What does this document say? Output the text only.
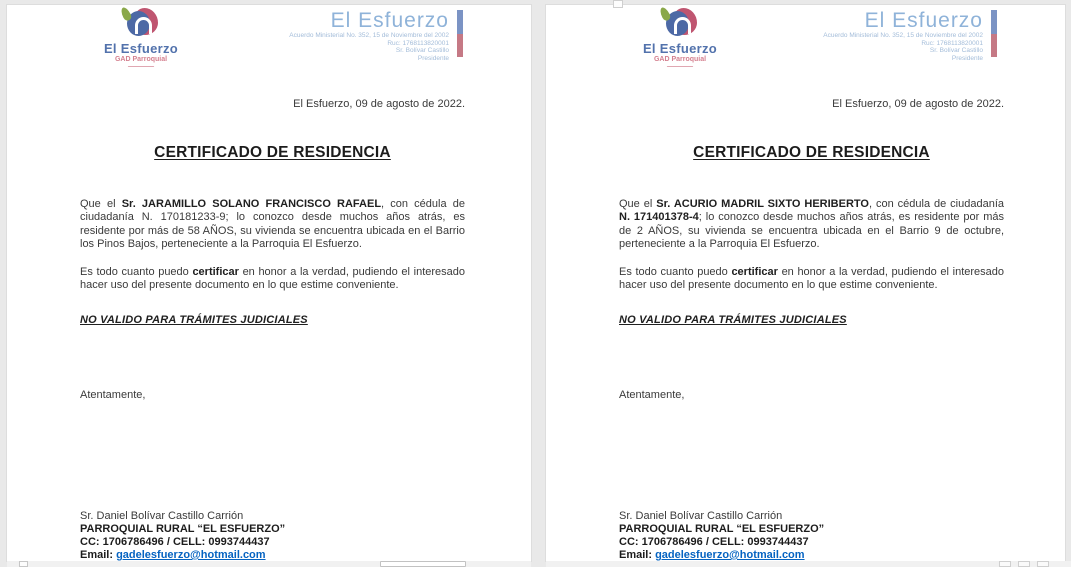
El Esfuerzo
GAD Parroquial
El Esfuerzo
Acuerdo Ministerial No. 352, 15 de Noviembre del 2002
Ruc: 1768113820001
Sr. Bolívar Castillo
Presidente
El Esfuerzo, 09 de agosto de 2022.
CERTIFICADO DE RESIDENCIA

Que el Sr. JARAMILLO SOLANO FRANCISCO RAFAEL, con cédula de ciudadanía N. 170181233-9; lo conozco desde muchos años atrás, es residente por más de 58 AÑOS, su vivienda se encuentra ubicada en el Barrio los Pinos Bajos, perteneciente a la Parroquia El Esfuerzo.

Es todo cuanto puedo certificar en honor a la verdad, pudiendo el interesado hacer uso del presente documento en lo que estime conveniente.

NO VALIDO PARA TRÁMITES JUDICIALES

Atentamente,

Sr. Daniel Bolívar Castillo Carrión
PARROQUIAL RURAL “EL ESFUERZO”
CC: 1706786496 / CELL: 0993744437
Email: gadelesfuerzo@hotmail.com
El Esfuerzo
GAD Parroquial
El Esfuerzo
Acuerdo Ministerial No. 352, 15 de Noviembre del 2002
Ruc: 1768113820001
Sr. Bolívar Castillo
Presidente
El Esfuerzo, 09 de agosto de 2022.
CERTIFICADO DE RESIDENCIA

Que el Sr. ACURIO MADRIL SIXTO HERIBERTO, con cédula de ciudadanía N. 171401378-4; lo conozco desde muchos años atrás, es residente por más de 2 AÑOS, su vivienda se encuentra ubicada en el Barrio 9 de octubre, perteneciente a la Parroquia El Esfuerzo.

Es todo cuanto puedo certificar en honor a la verdad, pudiendo el interesado hacer uso del presente documento en lo que estime conveniente.

NO VALIDO PARA TRÁMITES JUDICIALES

Atentamente,

Sr. Daniel Bolívar Castillo Carrión
PARROQUIAL RURAL “EL ESFUERZO”
CC: 1706786496 / CELL: 0993744437
Email: gadelesfuerzo@hotmail.com
